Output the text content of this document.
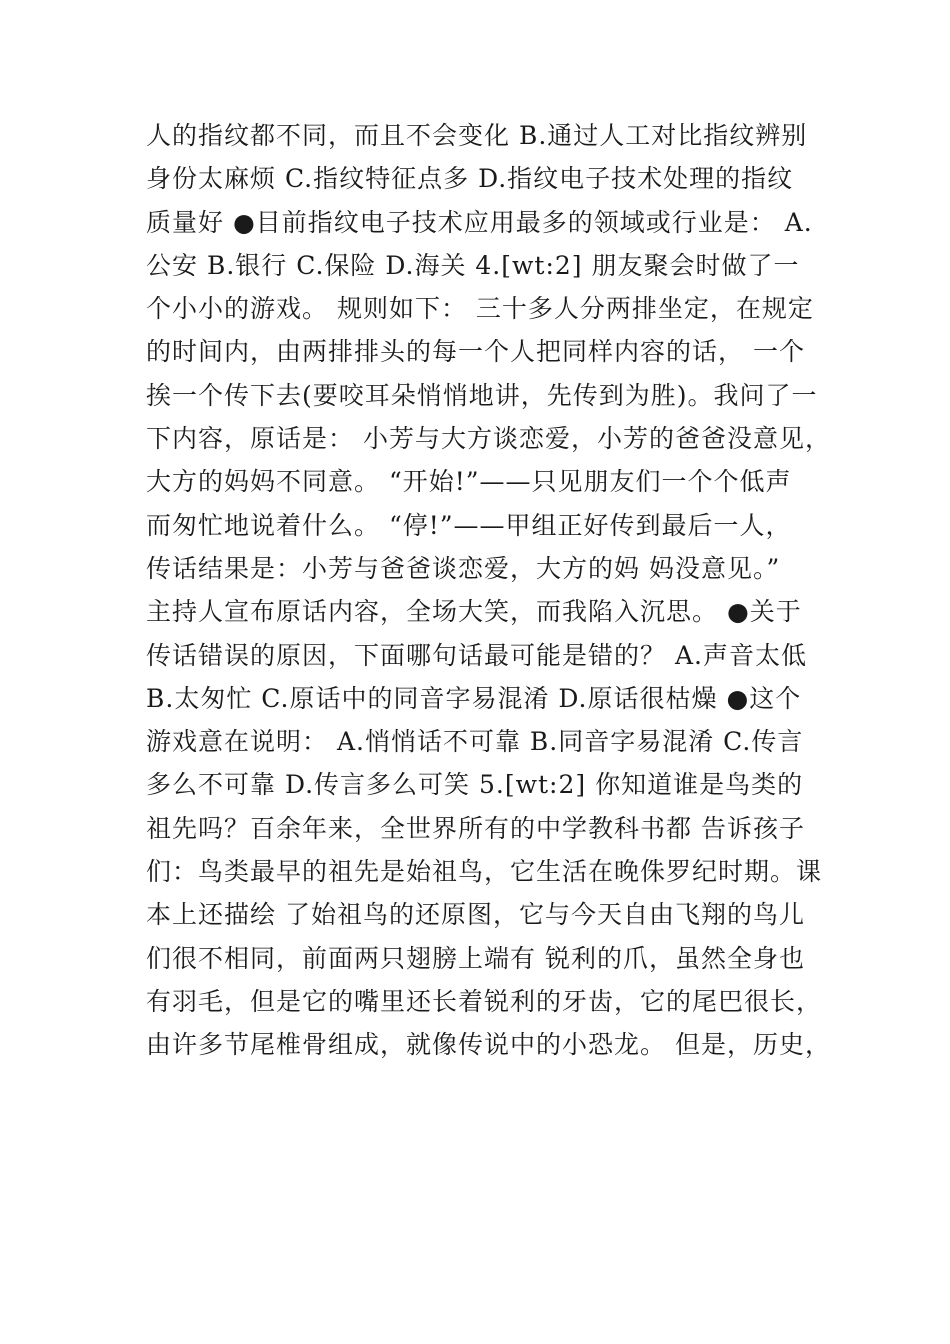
人的指纹都不同，而且不会变化 B.通过人工对比指纹辨别
身份太麻烦 C.指纹特征点多 D.指纹电子技术处理的指纹
质量好 ●目前指纹电子技术应用最多的领域或行业是： A.
公安 B.银行 C.保险 D.海关 4.[wt:2] 朋友聚会时做了一
个小小的游戏。 规则如下： 三十多人分两排坐定，在规定
的时间内，由两排排头的每一个人把同样内容的话， 一个
挨一个传下去(要咬耳朵悄悄地讲，先传到为胜)。我问了一
下内容，原话是： 小芳与大方谈恋爱，小芳的爸爸没意见，
大方的妈妈不同意。 “开始!”——只见朋友们一个个低声
而匆忙地说着什么。 “停!”——甲组正好传到最后一人，
传话结果是：小芳与爸爸谈恋爱，大方的妈 妈没意见。”
主持人宣布原话内容，全场大笑，而我陷入沉思。 ●关于
传话错误的原因，下面哪句话最可能是错的？ A.声音太低
B.太匆忙 C.原话中的同音字易混淆 D.原话很枯燥 ●这个
游戏意在说明： A.悄悄话不可靠 B.同音字易混淆 C.传言
多么不可靠 D.传言多么可笑 5.[wt:2] 你知道谁是鸟类的
祖先吗？百余年来，全世界所有的中学教科书都 告诉孩子
们：鸟类最早的祖先是始祖鸟，它生活在晚侏罗纪时期。课
本上还描绘 了始祖鸟的还原图，它与今天自由飞翔的鸟儿
们很不相同，前面两只翅膀上端有 锐利的爪，虽然全身也
有羽毛，但是它的嘴里还长着锐利的牙齿，它的尾巴很长，
由许多节尾椎骨组成，就像传说中的小恐龙。 但是，历史，
